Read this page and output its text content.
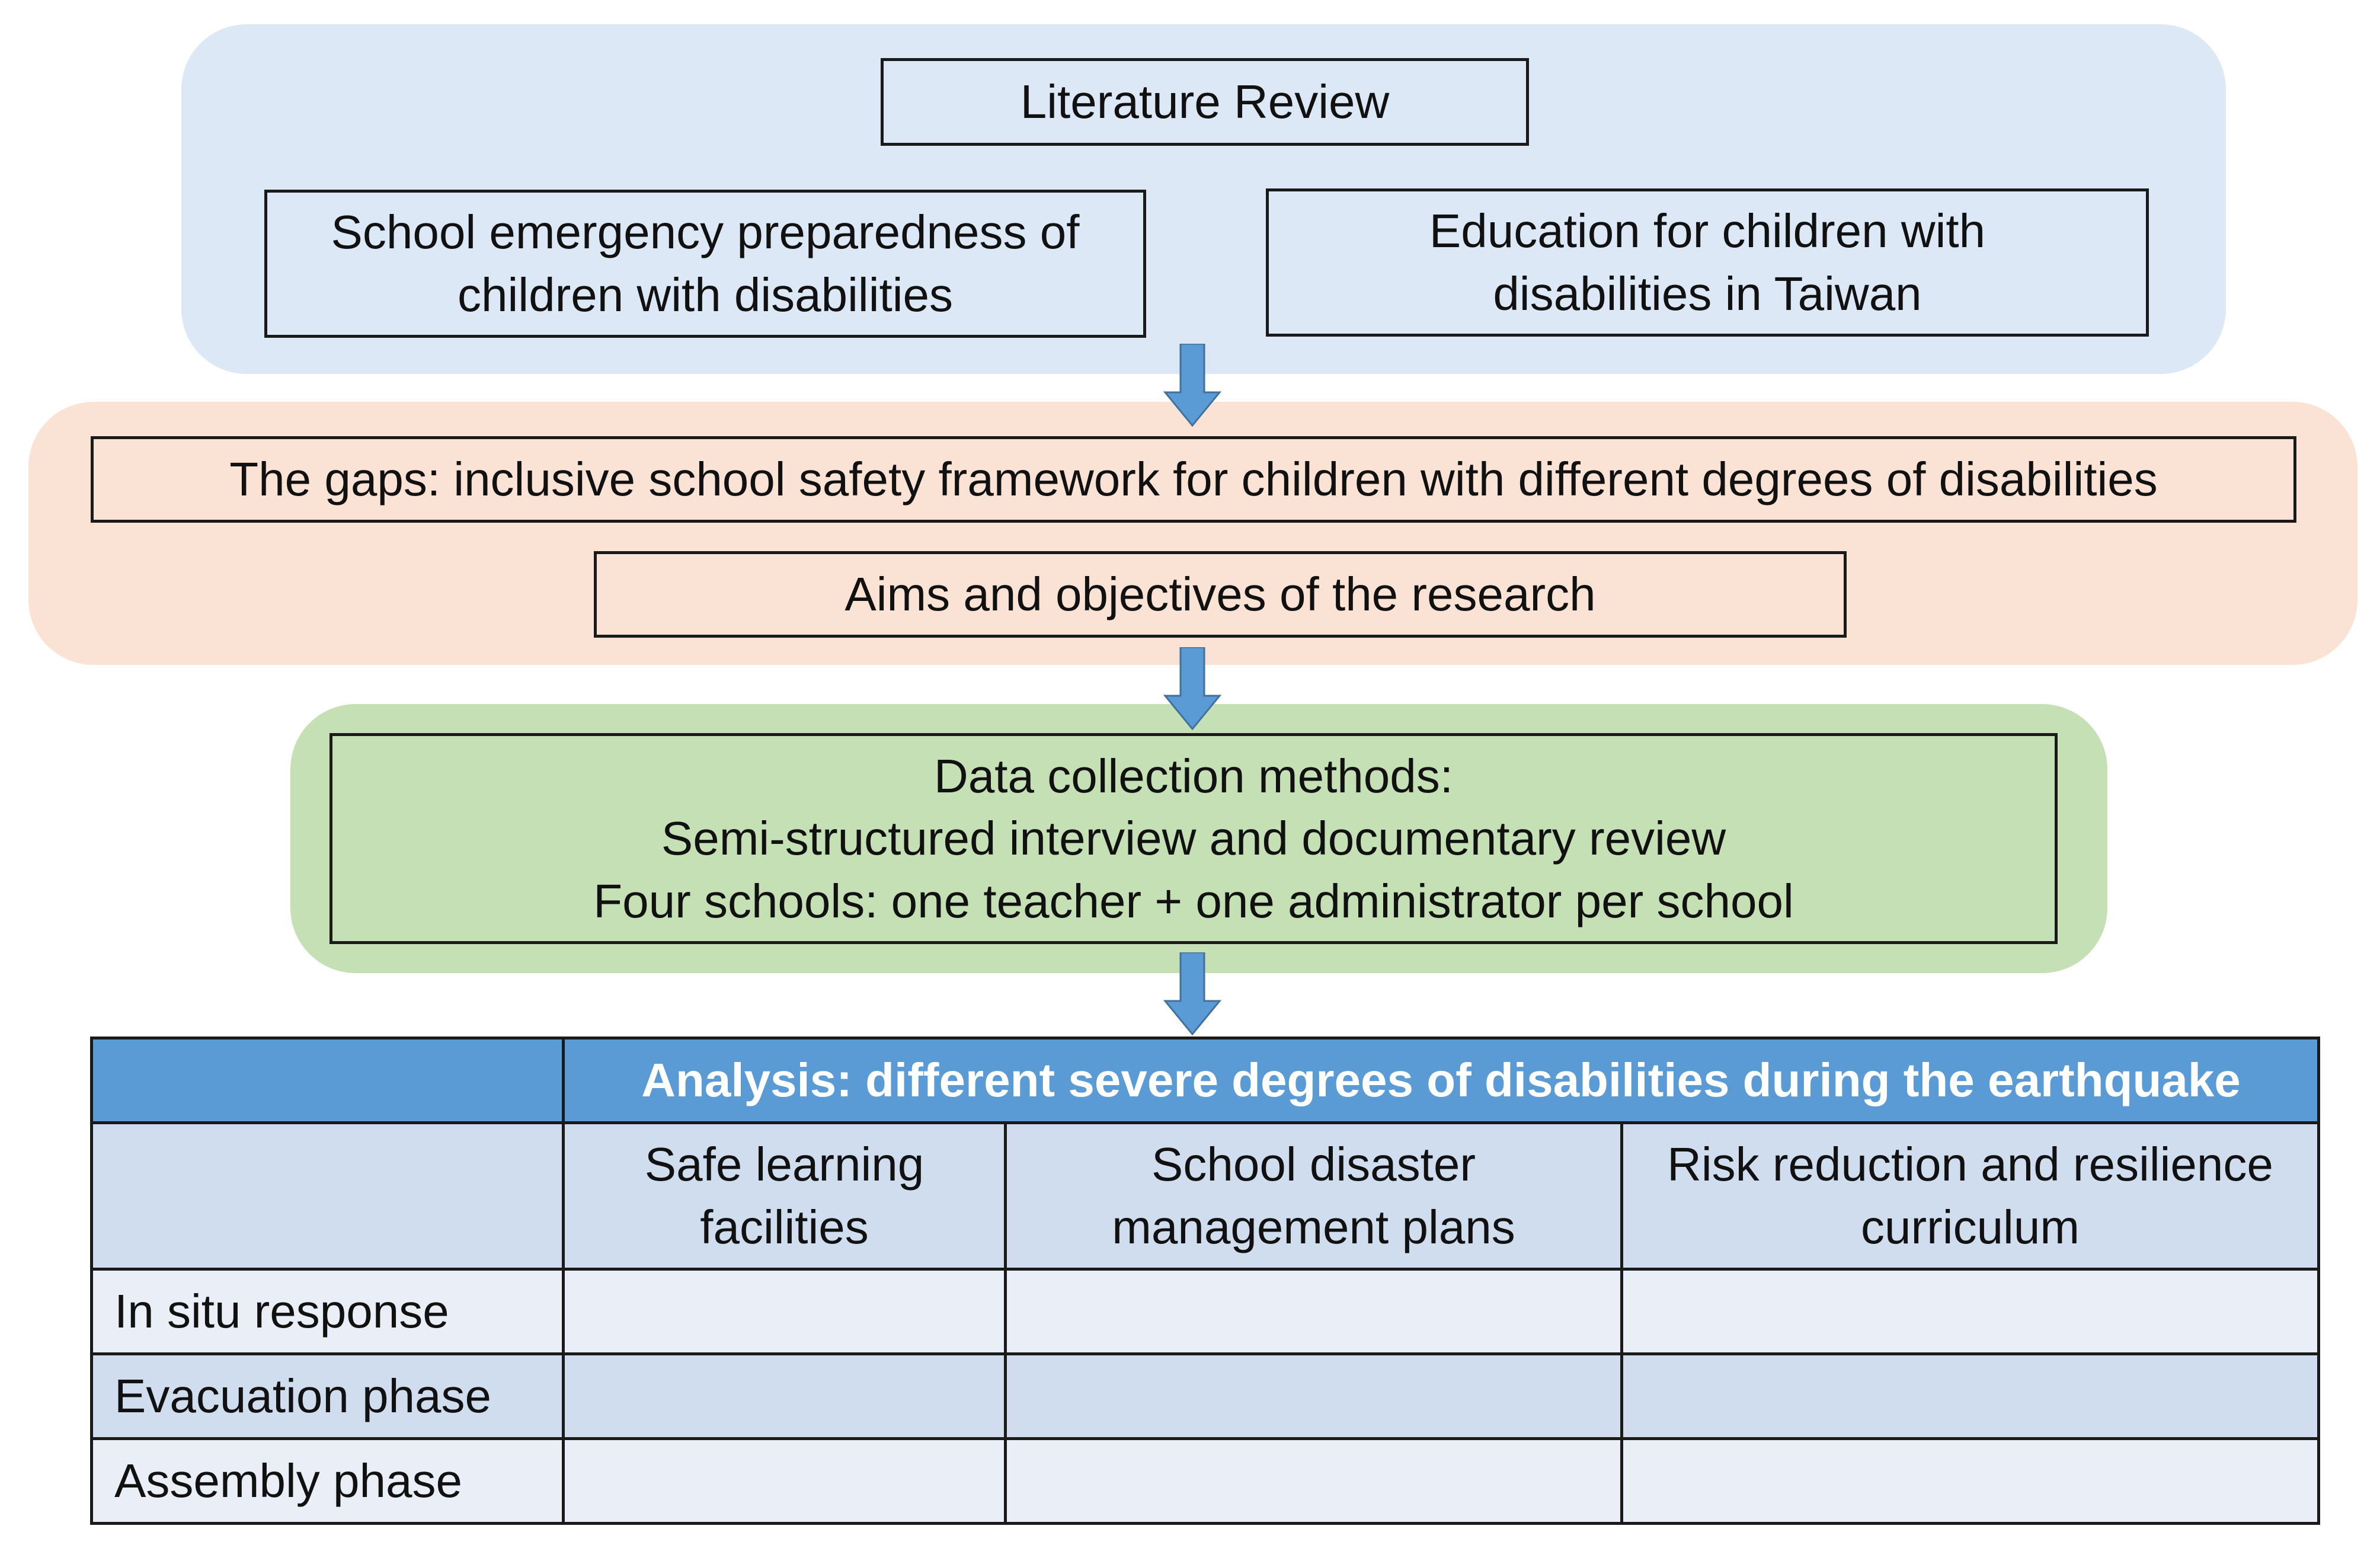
Literature Review
School emergency preparedness of
children with disabilities
Education for children with
disabilities in Taiwan
The gaps: inclusive school safety framework for children with different degrees of disabilities
Aims and objectives of the research
Data collection methods:
Semi-structured interview and documentary review
Four schools: one teacher + one administrator per school
	Analysis: different severe degrees of disabilities during the earthquake		

	Safe learning
facilities	School disaster
management plans	Risk reduction and resilience
curriculum

In situ response			
Evacuation phase			
Assembly phase			
